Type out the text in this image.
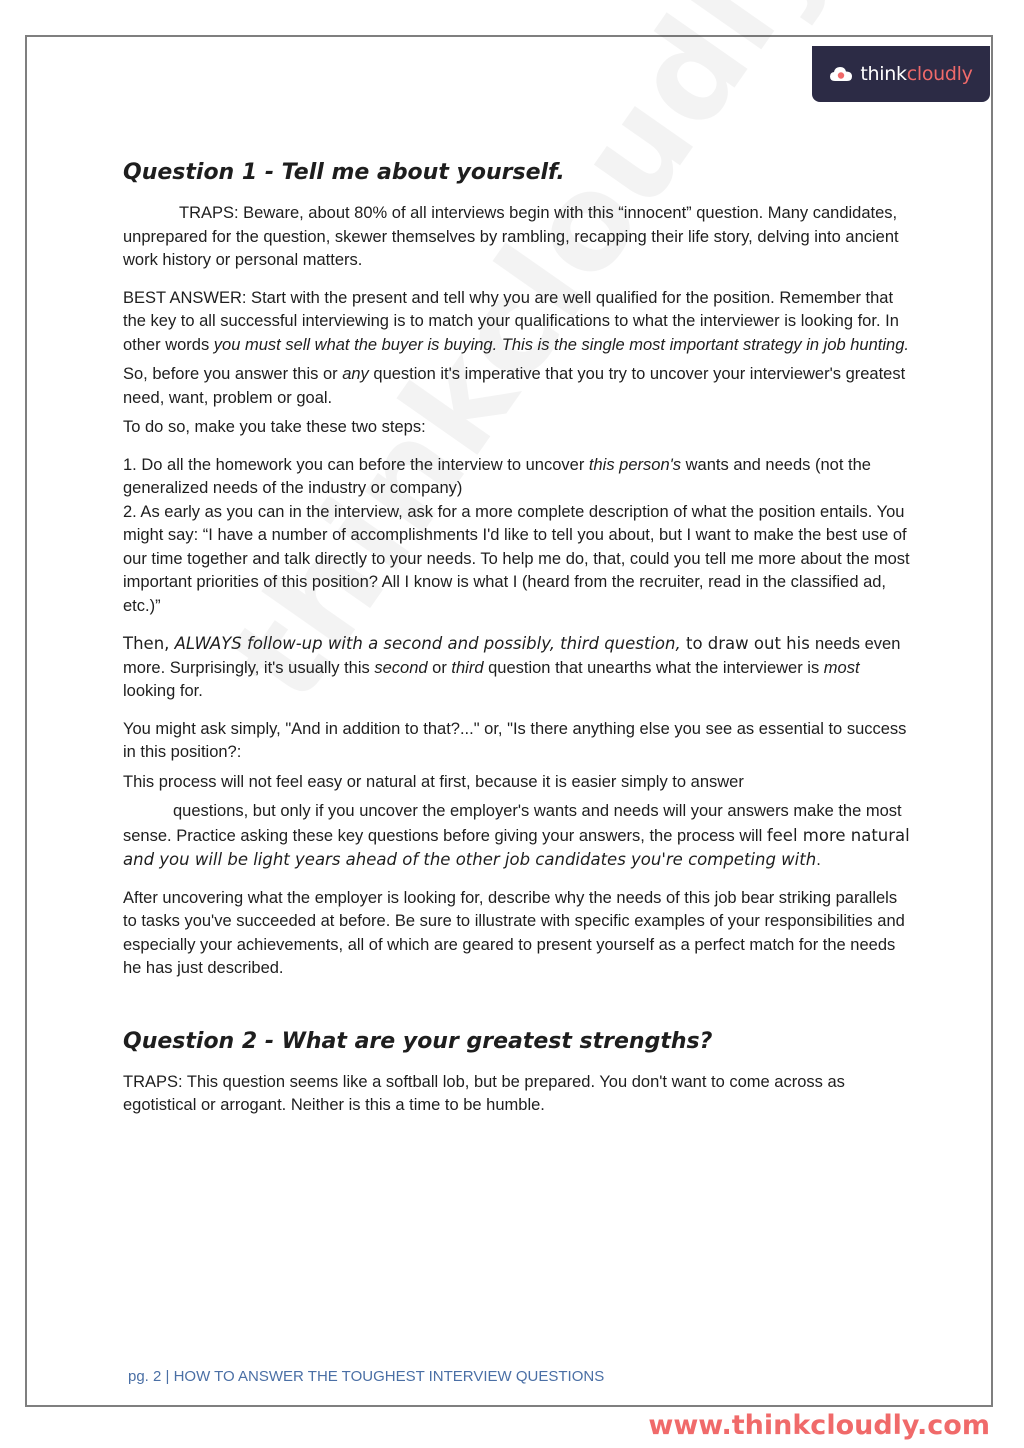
think cloudly
Question 1 - Tell me about yourself.

TRAPS: Beware, about 80% of all interviews begin with this “innocent” question. Many candidates, unprepared for the question, skewer themselves by rambling, recapping their life story, delving into ancient work history or personal matters.

BEST ANSWER: Start with the present and tell why you are well qualified for the position. Remember that the key to all successful interviewing is to match your qualifications to what the interviewer is looking for. In other words you must sell what the buyer is buying. This is the single most important strategy in job hunting.

So, before you answer this or any question it's imperative that you try to uncover your interviewer's greatest need, want, problem or goal.

To do so, make you take these two steps:

1. Do all the homework you can before the interview to uncover this person's wants and needs (not the generalized needs of the industry or company)

2. As early as you can in the interview, ask for a more complete description of what the position entails. You might say: “I have a number of accomplishments I'd like to tell you about, but I want to make the best use of our time together and talk directly to your needs. To help me do, that, could you tell me more about the most important priorities of this position? All I know is what I (heard from the recruiter, read in the classified ad, etc.)”

Then, ALWAYS follow-up with a second and possibly, third question, to draw out his needs even more. Surprisingly, it's usually this second or third question that unearths what the interviewer is most looking for.

You might ask simply, "And in addition to that?..." or, "Is there anything else you see as essential to success in this position?:

This process will not feel easy or natural at first, because it is easier simply to answer

questions, but only if you uncover the employer's wants and needs will your answers make the most sense. Practice asking these key questions before giving your answers, the process will feel more natural and you will be light years ahead of the other job candidates you're competing with.

After uncovering what the employer is looking for, describe why the needs of this job bear striking parallels to tasks you've succeeded at before. Be sure to illustrate with specific examples of your responsibilities and especially your achievements, all of which are geared to present yourself as a perfect match for the needs he has just described.

Question 2 - What are your greatest strengths?

TRAPS: This question seems like a softball lob, but be prepared. You don't want to come across as egotistical or arrogant. Neither is this a time to be humble.

pg. 2 | HOW TO ANSWER THE TOUGHEST INTERVIEW QUESTIONS
www.thinkcloudly.com
